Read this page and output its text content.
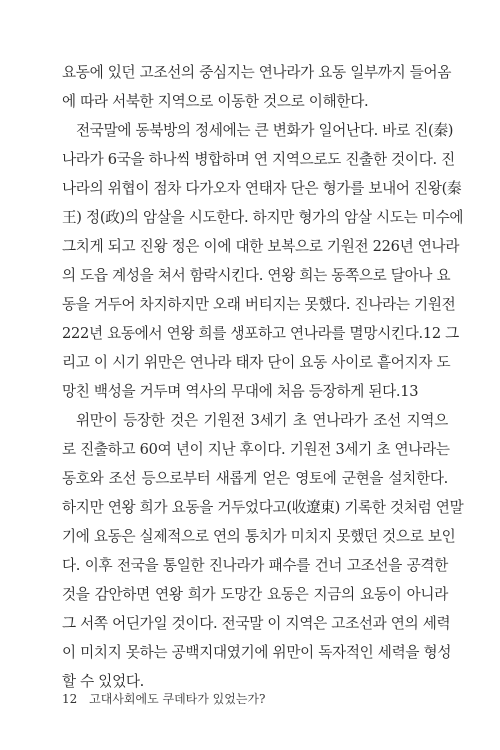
요동에 있던 고조선의 중심지는 연나라가 요동 일부까지 들어옴
에 따라 서북한 지역으로 이동한 것으로 이해한다.
전국말에 동북방의 정세에는 큰 변화가 일어난다. 바로 진(秦)
나라가 6국을 하나씩 병합하며 연 지역으로도 진출한 것이다. 진
나라의 위협이 점차 다가오자 연태자 단은 형가를 보내어 진왕(秦
王) 정(政)의 암살을 시도한다. 하지만 형가의 암살 시도는 미수에
그치게 되고 진왕 정은 이에 대한 보복으로 기원전 226년 연나라
의 도읍 계성을 쳐서 함락시킨다. 연왕 희는 동쪽으로 달아나 요
동을 거두어 차지하지만 오래 버티지는 못했다. 진나라는 기원전
222년 요동에서 연왕 희를 생포하고 연나라를 멸망시킨다.12 그
리고 이 시기 위만은 연나라 태자 단이 요동 사이로 흩어지자 도
망친 백성을 거두며 역사의 무대에 처음 등장하게 된다.13
위만이 등장한 것은 기원전 3세기 초 연나라가 조선 지역으
로 진출하고 60여 년이 지난 후이다. 기원전 3세기 초 연나라는
동호와 조선 등으로부터 새롭게 얻은 영토에 군현을 설치한다.
하지만 연왕 희가 요동을 거두었다고(收遼東) 기록한 것처럼 연말
기에 요동은 실제적으로 연의 통치가 미치지 못했던 것으로 보인
다. 이후 전국을 통일한 진나라가 패수를 건너 고조선을 공격한
것을 감안하면 연왕 희가 도망간 요동은 지금의 요동이 아니라
그 서쪽 어딘가일 것이다. 전국말 이 지역은 고조선과 연의 세력
이 미치지 못하는 공백지대였기에 위만이 독자적인 세력을 형성
할 수 있었다.
12 고대사회에도 쿠데타가 있었는가?
